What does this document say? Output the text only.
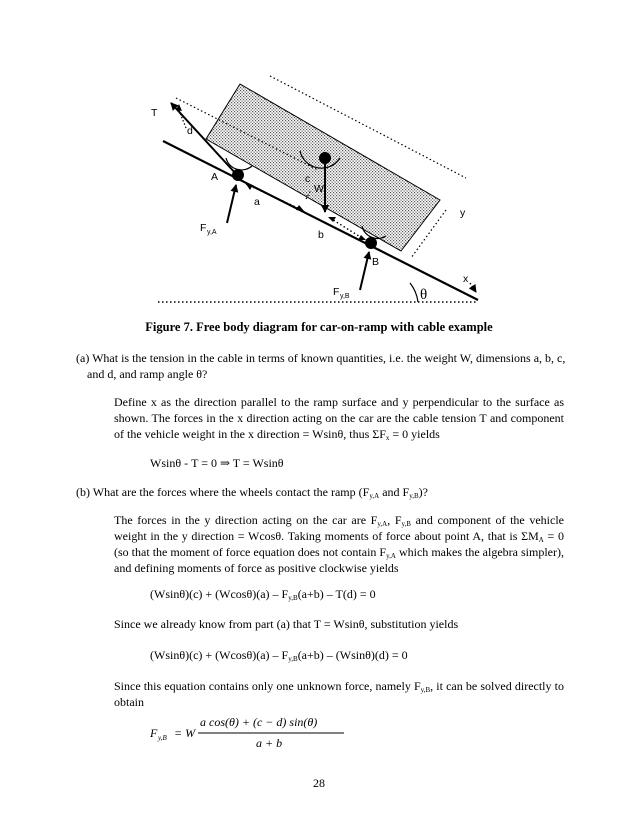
T
d
A	c
W
a
b
B
y
x
F y,A
F y,B	θ
Figure 7. Free body diagram for car-on-ramp with cable example

(a) What is the tension in the cable in terms of known quantities, i.e. the weight W, dimensions a, b, c, and d, and ramp angle θ?

Define x as the direction parallel to the ramp surface and y perpendicular to the surface as shown. The forces in the x direction acting on the car are the cable tension T and component of the vehicle weight in the x direction = Wsinθ, thus $\Sigma F_x = 0$ yields

Wsinθ - T = 0 ⇒ T = Wsinθ

(b) What are the forces where the wheels contact the ramp ($F_{y,A}$ and $F_{y,B}$)?

The forces in the y direction acting on the car are $F_{y,A}$, $F_{y,B}$ and component of the vehicle weight in the y direction = Wcosθ. Taking moments of force about point A, that is $\Sigma M_A = 0$ (so that the moment of force equation does not contain $F_{y,A}$ which makes the algebra simpler), and defining moments of force as positive clockwise yields

$(Wsin\theta)(c) + (Wcos\theta)(a) - F_{y,B}(a+b) - T(d) = 0$

Since we already know from part (a) that T = Wsinθ, substitution yields

$(Wsin\theta)(c) + (Wcos\theta)(a) - F_{y,B}(a+b) - (Wsin\theta)(d) = 0$

Since this equation contains only one unknown force, namely $F_{y,B}$, it can be solved directly to obtain

F y,B = W
a cos(θ) + (c − d) sin(θ)
a + b
28
